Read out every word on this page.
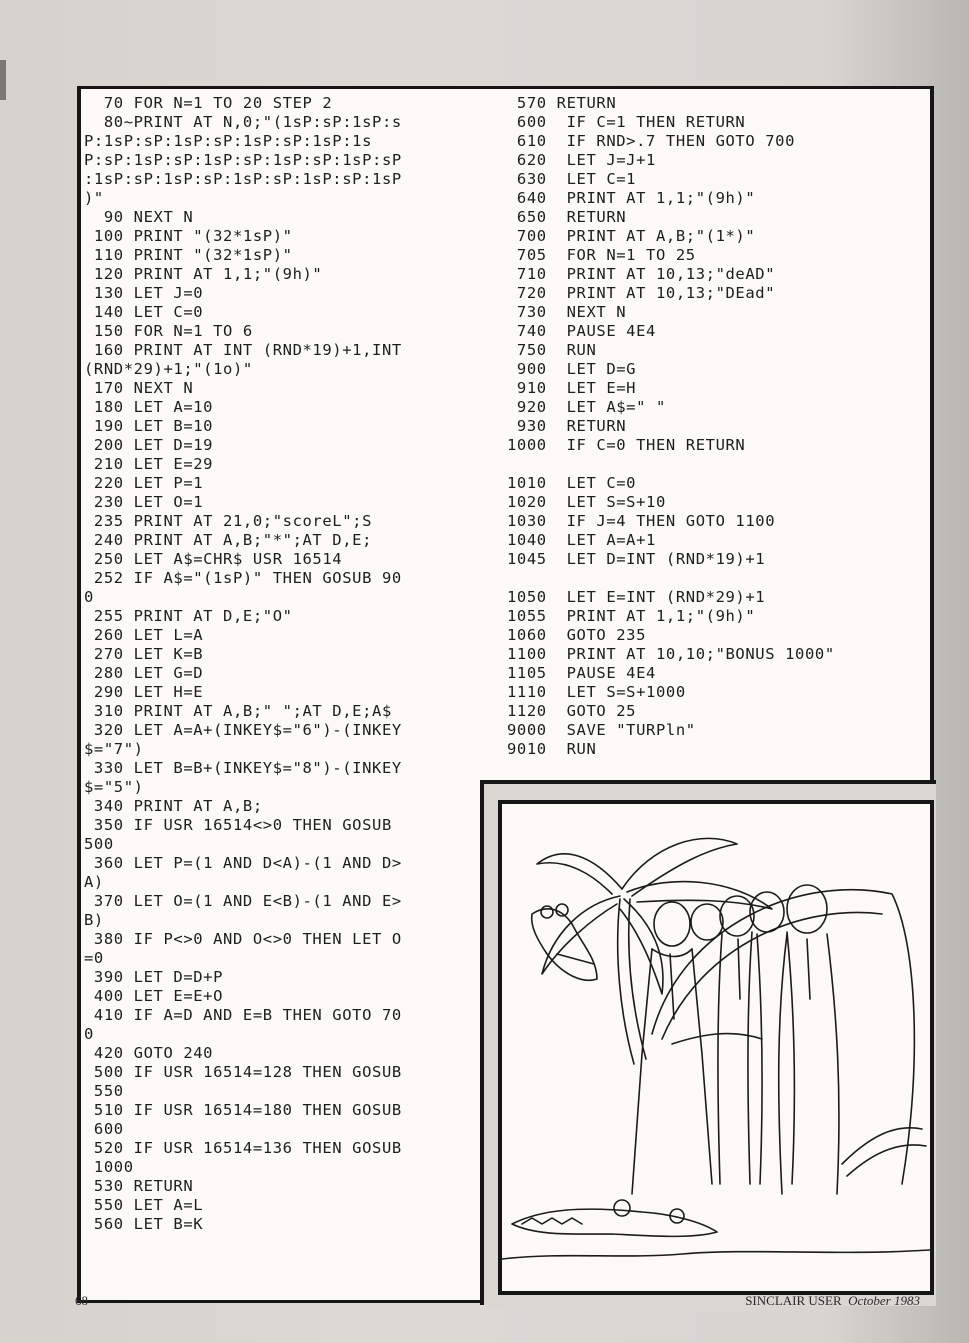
70 FOR N=1 TO 20 STEP 2
80~PRINT AT N,0;"(1sP:sP:1sP:s
P:1sP:sP:1sP:sP:1sP:sP:1sP:1s
P:sP:1sP:sP:1sP:sP:1sP:sP:1sP:sP
:1sP:sP:1sP:sP:1sP:sP:1sP:sP:1sP
)"
90 NEXT N
100 PRINT "(32*1sP)"
110 PRINT "(32*1sP)"
120 PRINT AT 1,1;"(9h)"
130 LET J=0
140 LET C=0
150 FOR N=1 TO 6
160 PRINT AT INT (RND*19)+1,INT
(RND*29)+1;"(1o)"
170 NEXT N
180 LET A=10
190 LET B=10
200 LET D=19
210 LET E=29
220 LET P=1
230 LET O=1
235 PRINT AT 21,0;"scoreL";S
240 PRINT AT A,B;"*";AT D,E;
250 LET A$=CHR$ USR 16514
252 IF A$="(1sP)" THEN GOSUB 90
0
255 PRINT AT D,E;"O"
260 LET L=A
270 LET K=B
280 LET G=D
290 LET H=E
310 PRINT AT A,B;" ";AT D,E;A$
320 LET A=A+(INKEY$="6")-(INKEY
$="7")
330 LET B=B+(INKEY$="8")-(INKEY
$="5")
340 PRINT AT A,B;
350 IF USR 16514<>0 THEN GOSUB
500
360 LET P=(1 AND D<A)-(1 AND D>
A)
370 LET O=(1 AND E<B)-(1 AND E>
B)
380 IF P<>0 AND O<>0 THEN LET O
=0
390 LET D=D+P
400 LET E=E+O
410 IF A=D AND E=B THEN GOTO 70
0
420 GOTO 240
500 IF USR 16514=128 THEN GOSUB
550
510 IF USR 16514=180 THEN GOSUB
600
520 IF USR 16514=136 THEN GOSUB
1000
530 RETURN
550 LET A=L
560 LET B=K
570 RETURN
600  IF C=1 THEN RETURN
610  IF RND>.7 THEN GOTO 700
620  LET J=J+1
630  LET C=1
640  PRINT AT 1,1;"(9h)"
650  RETURN
700  PRINT AT A,B;"(1*)"
705  FOR N=1 TO 25
710  PRINT AT 10,13;"deAD"
720  PRINT AT 10,13;"DEad"
730  NEXT N
740  PAUSE 4E4
750  RUN
900  LET D=G
910  LET E=H
920  LET A$=" "
930  RETURN
1000  IF C=0 THEN RETURN
1010  LET C=0
1020  LET S=S+10
1030  IF J=4 THEN GOTO 1100
1040  LET A=A+1
1045  LET D=INT (RND*19)+1
1050  LET E=INT (RND*29)+1
1055  PRINT AT 1,1;"(9h)"
1060  GOTO 235
1100  PRINT AT 10,10;"BONUS 1000"
1105  PAUSE 4E4
1110  LET S=S+1000
1120  GOTO 25
9000  SAVE "TURPln"
9010  RUN
68	SINCLAIR USER October 1983
